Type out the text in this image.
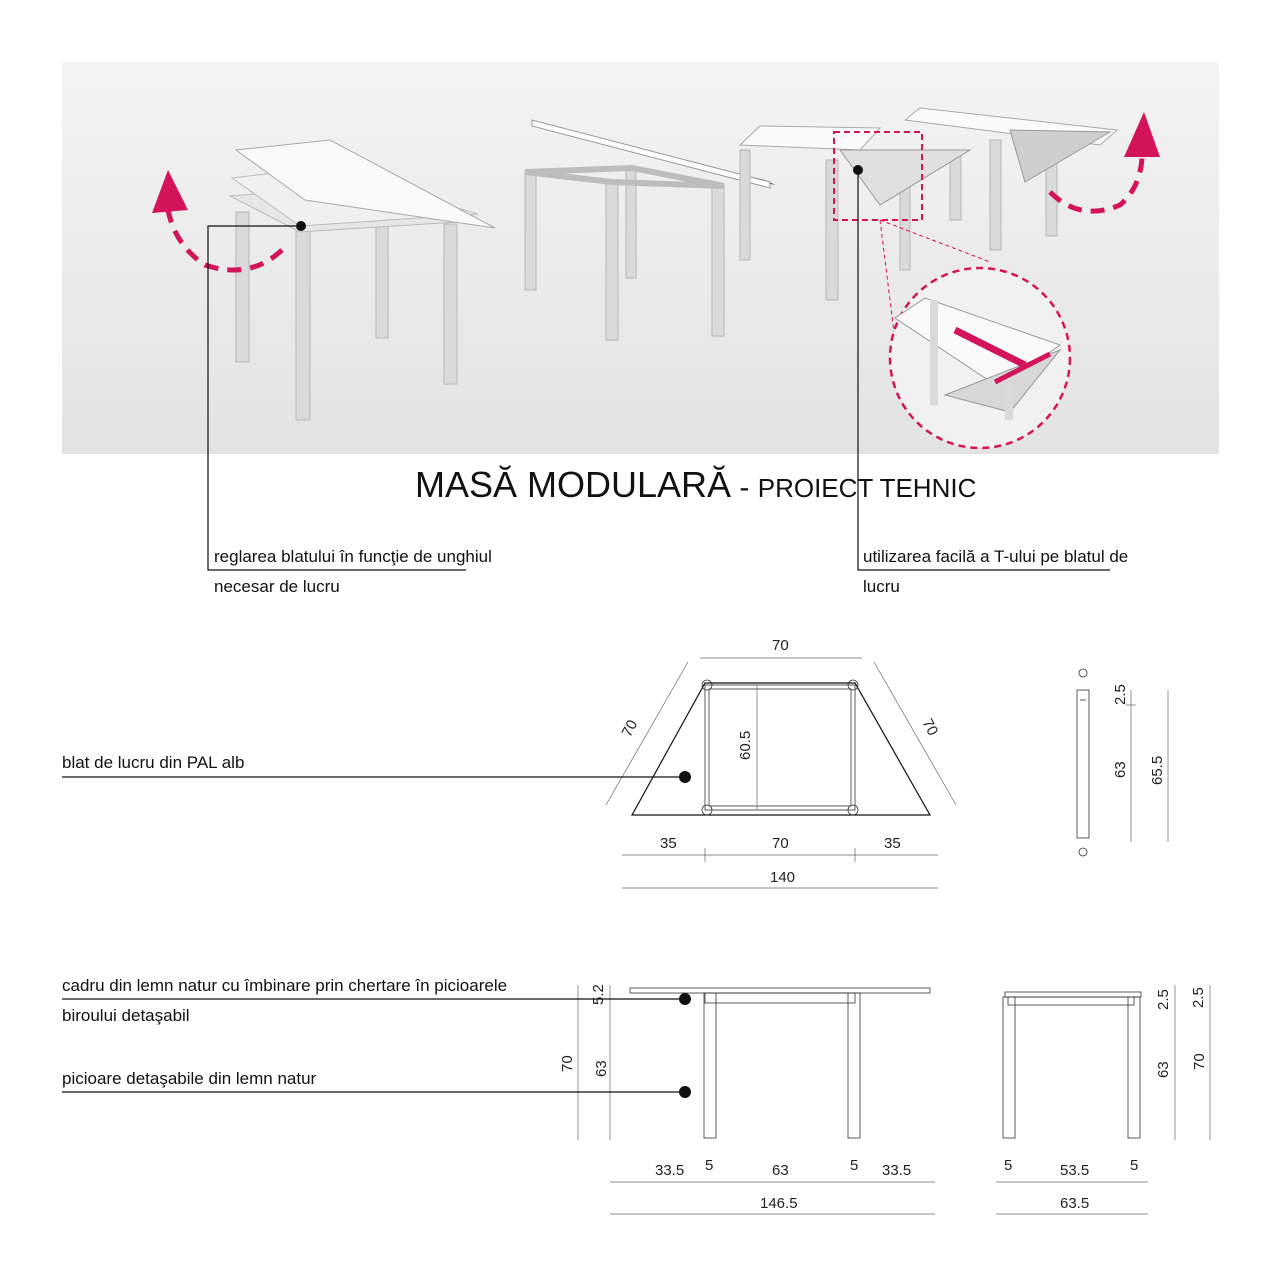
MASĂ MODULARĂ - PROIECT TEHNIC
reglarea blatului în funcţie de unghiul
necesar de lucru
utilizarea facilă a T-ului pe blatul de
lucru
70
70	70
60.5
35	70	35
140
blat de lucru din PAL alb
2.5
63 65.5
5.2
70 63
33.5 5	63	5 33.5
146.5
cadru din lemn natur cu îmbinare prin chertare în picioarele
biroului detaşabil
picioare detaşabile din lemn natur
2.5 2.5
63 70
5	53.5	5
63.5
